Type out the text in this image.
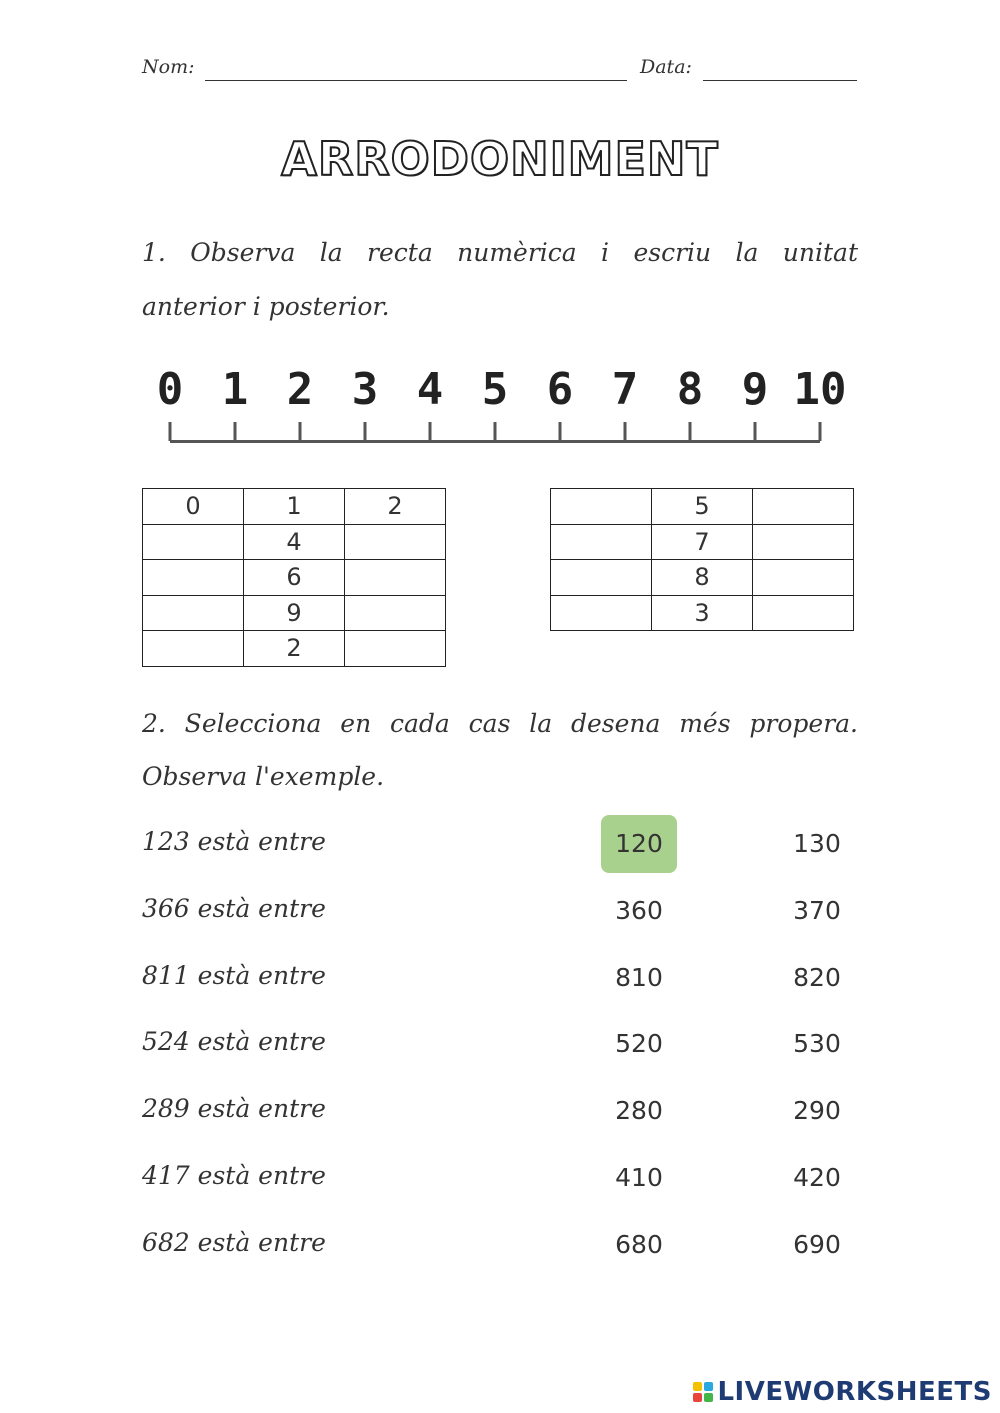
Nom:	Data:
ARRODONIMENT
1. Observa la recta numèrica i escriu la unitat
anterior i posterior.
0 1 2 3 4 5 6 7 8 9 10
0	1	2
	4	
	6	
	9	
	2	
	5	
	7	
	8	
	3	
2. Selecciona en cada cas la desena més propera.
Observa l'exemple.
123 està entre	120	130
366 està entre	360	370
811 està entre	810	820
524 està entre	520	530
289 està entre	280	290
417 està entre	410	420
682 està entre	680	690
LIVEWORKSHEETS
